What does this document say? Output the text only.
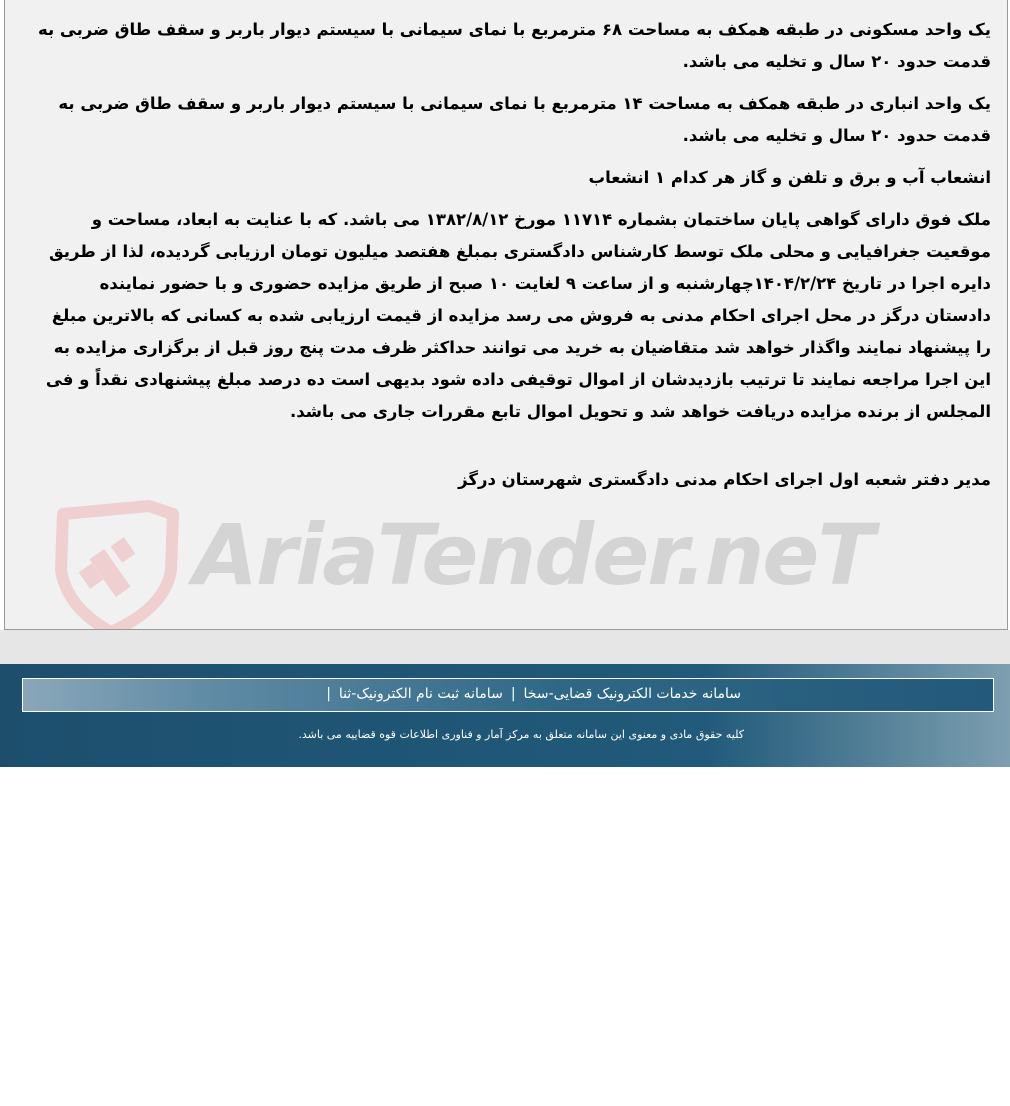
AriaTender.neT

یک واحد مسکونی در طبقه همکف به مساحت ۶۸ مترمربع با نمای سیمانی با سیستم دیوار باربر و سقف طاق ضربی به قدمت حدود ۲۰ سال و تخلیه می باشد.

یک واحد انباری در طبقه همکف به مساحت ۱۴ مترمربع با نمای سیمانی با سیستم دیوار باربر و سقف طاق ضربی به قدمت حدود ۲۰ سال و تخلیه می باشد.

انشعاب آب و برق و تلفن و گاز هر کدام ۱ انشعاب

ملک فوق دارای گواهی پایان ساختمان بشماره ۱۱۷۱۴ مورخ ۱۳۸۲/۸/۱۲ می باشد. که با عنایت به ابعاد، مساحت و موقعیت جغرافیایی و محلی ملک توسط کارشناس دادگستری بمبلغ هفتصد میلیون تومان ارزیابی گردیده، لذا از طریق دایره اجرا در تاریخ ۱۴۰۴/۲/۲۴چهارشنبه و از ساعت ۹ لغایت ۱۰ صبح از طریق مزایده حضوری و با حضور نماینده دادستان درگز در محل اجرای احکام مدنی به فروش می رسد مزایده از قیمت ارزیابی شده به کسانی که بالاترین مبلغ را پیشنهاد نمایند واگذار خواهد شد متقاضیان به خرید می توانند حداکثر ظرف مدت پنج روز قبل از برگزاری مزایده به این اجرا مراجعه نمایند تا ترتیب بازدیدشان از اموال توقیفی داده شود بدیهی است ده درصد مبلغ پیشنهادی نقداً و فی المجلس از برنده مزایده دریافت خواهد شد و تحویل اموال تابع مقررات جاری می باشد.

مدیر دفتر شعبه اول اجرای احکام مدنی دادگستری شهرستان درگز

سامانه خدمات الکترونیک قضایی-سخا
|
سامانه ثبت نام الکترونیک-ثنا
|
کلیه حقوق مادی و معنوی این سامانه متعلق به مرکز آمار و فناوری اطلاعات قوه قضاییه می باشد.
